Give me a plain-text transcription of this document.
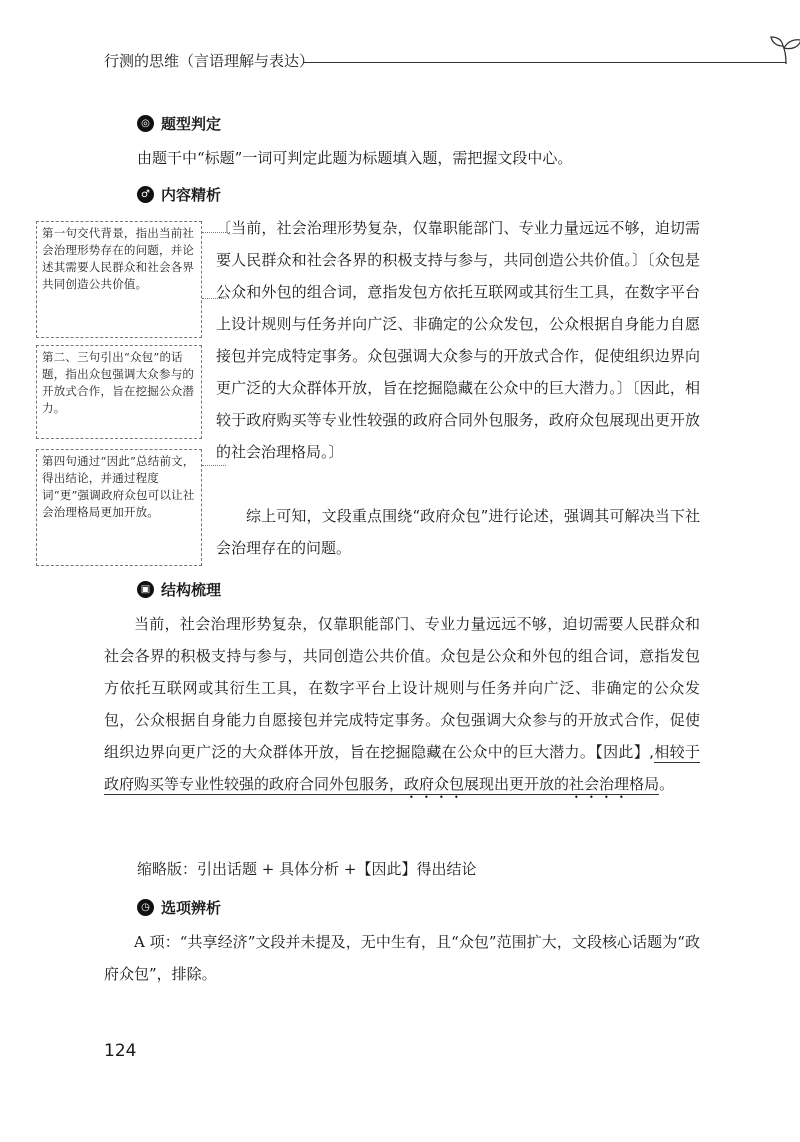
行测的思维（言语理解与表达）
◎ 题型判定
由题干中“标题”一词可判定此题为标题填入题，需把握文段中心。
♂ 内容精析
〔当前，社会治理形势复杂，仅靠职能部门、专业力量远远不够，迫切需要人民群众和社会各界的积极支持与参与，共同创造公共价值。〕〔众包是公众和外包的组合词，意指发包方依托互联网或其衍生工具，在数字平台上设计规则与任务并向广泛、非确定的公众发包，公众根据自身能力自愿接包并完成特定事务。众包强调大众参与的开放式合作，促使组织边界向更广泛的大众群体开放，旨在挖掘隐藏在公众中的巨大潜力。〕〔因此，相较于政府购买等专业性较强的政府合同外包服务，政府众包展现出更开放的社会治理格局。〕
综上可知，文段重点围绕“政府众包”进行论述，强调其可解决当下社会治理存在的问题。
第一句交代背景，指出当前社会治理形势存在的问题，并论述其需要人民群众和社会各界共同创造公共价值。
第二、三句引出“众包”的话题，指出众包强调大众参与的开放式合作，旨在挖掘公众潜力。
第四句通过“因此”总结前文，得出结论，并通过程度词“更”强调政府众包可以让社会治理格局更加开放。
▣ 结构梳理
当前，社会治理形势复杂，仅靠职能部门、专业力量远远不够，迫切需要人民群众和社会各界的积极支持与参与，共同创造公共价值。众包是公众和外包的组合词，意指发包方依托互联网或其衍生工具，在数字平台上设计规则与任务并向广泛、非确定的公众发包，公众根据自身能力自愿接包并完成特定事务。众包强调大众参与的开放式合作，促使组织边界向更广泛的大众群体开放，旨在挖掘隐藏在公众中的巨大潜力。【因此】,相较于政府购买等专业性较强的政府合同外包服务，政府众包展现出更开放的社会治理格局。
缩略版：引出话题 + 具体分析 +【因此】得出结论
◷ 选项辨析
A 项：“共享经济”文段并未提及，无中生有，且“众包”范围扩大，文段核心话题为“政府众包”，排除。
124
